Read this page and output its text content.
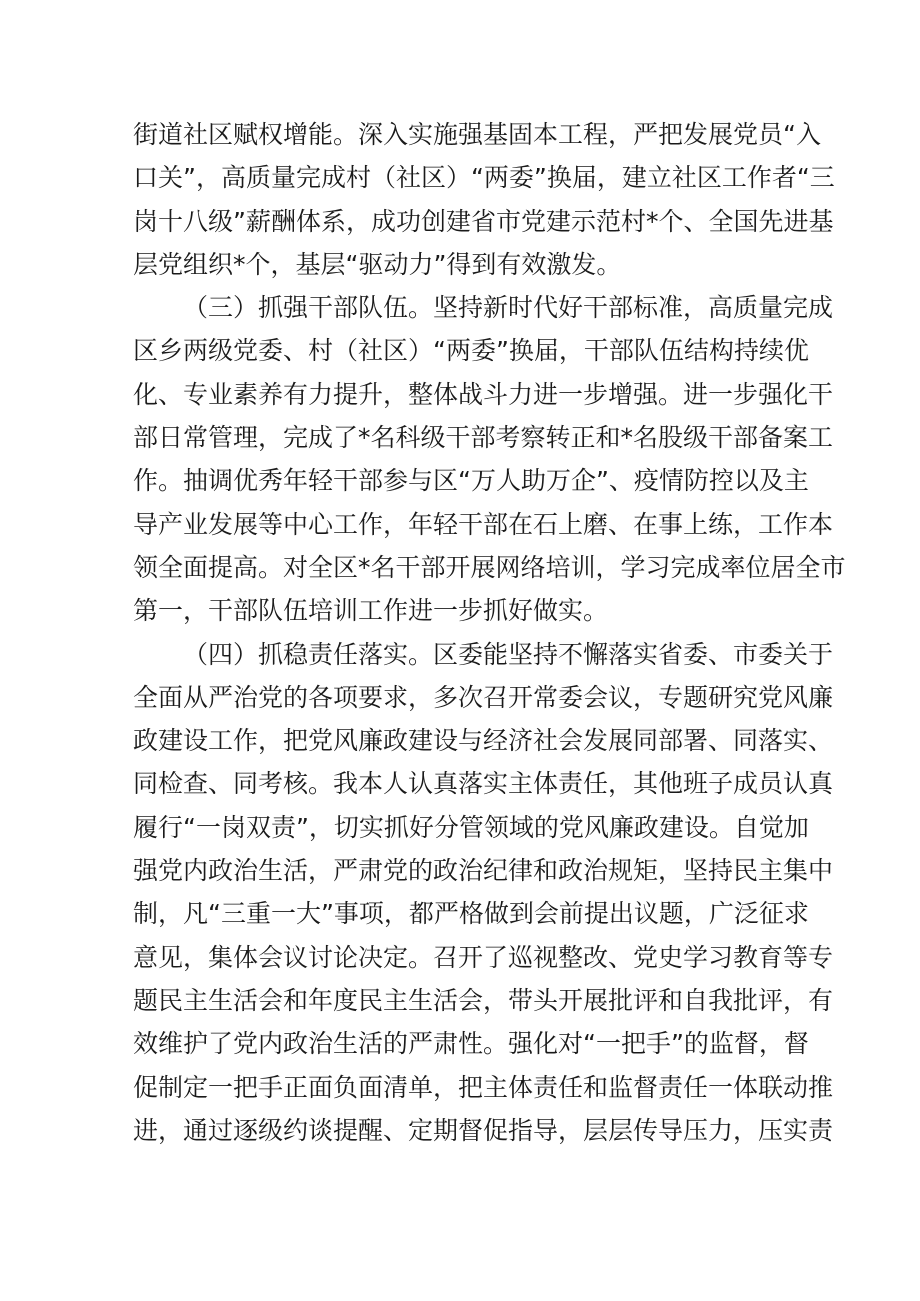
街道社区赋权增能。深入实施强基固本工程，严把发展党员“入
口关”，高质量完成村（社区）“两委”换届，建立社区工作者“三
岗十八级”薪酬体系，成功创建省市党建示范村*个、全国先进基
层党组织*个，基层“驱动力”得到有效激发。
（三）抓强干部队伍。坚持新时代好干部标准，高质量完成
区乡两级党委、村（社区）“两委”换届，干部队伍结构持续优
化、专业素养有力提升，整体战斗力进一步增强。进一步强化干
部日常管理，完成了*名科级干部考察转正和*名股级干部备案工
作。抽调优秀年轻干部参与区“万人助万企”、疫情防控以及主
导产业发展等中心工作，年轻干部在石上磨、在事上练，工作本
领全面提高。对全区*名干部开展网络培训，学习完成率位居全市
第一，干部队伍培训工作进一步抓好做实。
（四）抓稳责任落实。区委能坚持不懈落实省委、市委关于
全面从严治党的各项要求，多次召开常委会议，专题研究党风廉
政建设工作，把党风廉政建设与经济社会发展同部署、同落实、
同检查、同考核。我本人认真落实主体责任，其他班子成员认真
履行“一岗双责”，切实抓好分管领域的党风廉政建设。自觉加
强党内政治生活，严肃党的政治纪律和政治规矩，坚持民主集中
制，凡“三重一大”事项，都严格做到会前提出议题，广泛征求
意见，集体会议讨论决定。召开了巡视整改、党史学习教育等专
题民主生活会和年度民主生活会，带头开展批评和自我批评，有
效维护了党内政治生活的严肃性。强化对“一把手”的监督，督
促制定一把手正面负面清单，把主体责任和监督责任一体联动推
进，通过逐级约谈提醒、定期督促指导，层层传导压力，压实责
